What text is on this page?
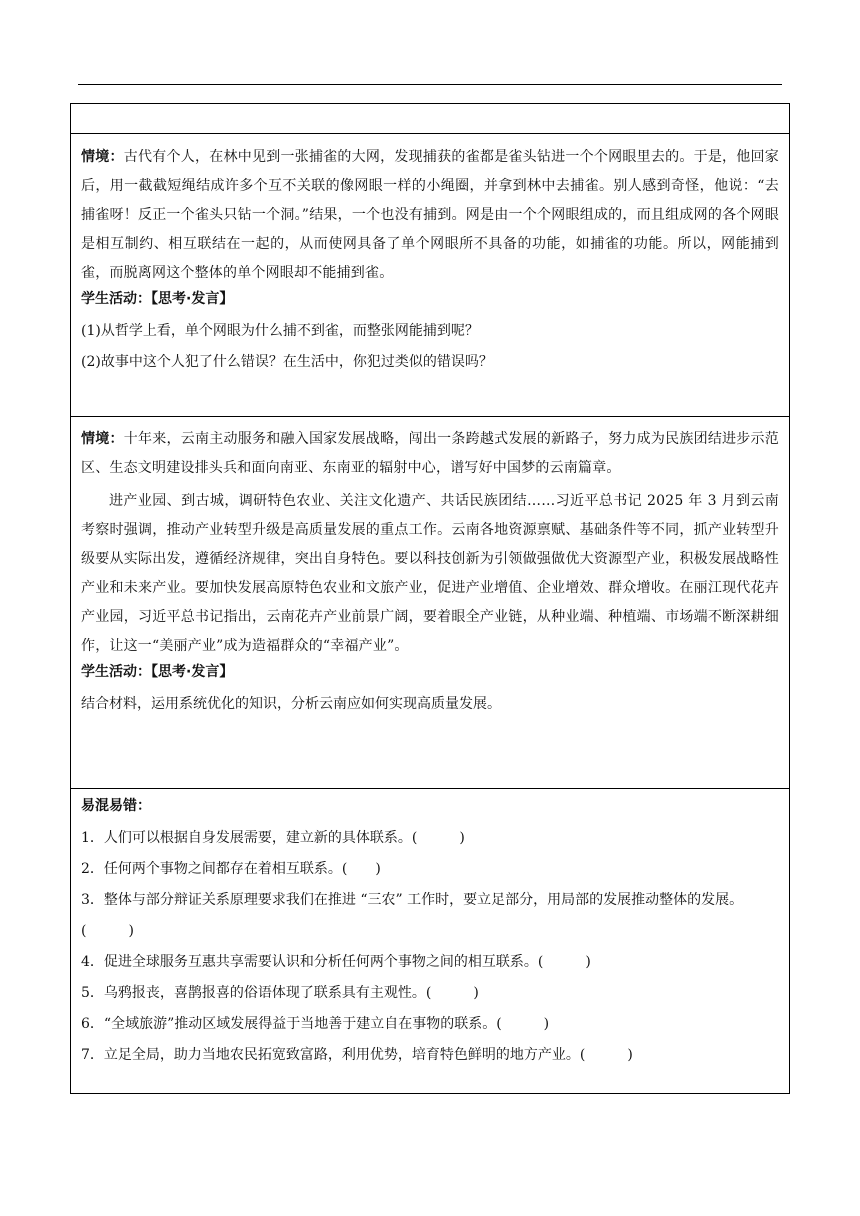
情境：古代有个人，在林中见到一张捕雀的大网，发现捕获的雀都是雀头钻进一个个网眼里去的。于是，他回家后，用一截截短绳结成许多个互不关联的像网眼一样的小绳圈，并拿到林中去捕雀。别人感到奇怪，他说：“去捕雀呀！反正一个雀头只钻一个洞。”结果，一个也没有捕到。网是由一个个网眼组成的，而且组成网的各个网眼是相互制约、相互联结在一起的，从而使网具备了单个网眼所不具备的功能，如捕雀的功能。所以，网能捕到雀，而脱离网这个整体的单个网眼却不能捕到雀。

学生活动：【思考·发言】

(1)从哲学上看，单个网眼为什么捕不到雀，而整张网能捕到呢？

(2)故事中这个人犯了什么错误？在生活中，你犯过类似的错误吗？

情境：十年来，云南主动服务和融入国家发展战略，闯出一条跨越式发展的新路子，努力成为民族团结进步示范区、生态文明建设排头兵和面向南亚、东南亚的辐射中心，谱写好中国梦的云南篇章。

进产业园、到古城，调研特色农业、关注文化遗产、共话民族团结……习近平总书记 2025 年 3 月到云南考察时强调，推动产业转型升级是高质量发展的重点工作。云南各地资源禀赋、基础条件等不同，抓产业转型升级要从实际出发，遵循经济规律，突出自身特色。要以科技创新为引领做强做优大资源型产业，积极发展战略性产业和未来产业。要加快发展高原特色农业和文旅产业，促进产业增值、企业增效、群众增收。在丽江现代花卉产业园，习近平总书记指出，云南花卉产业前景广阔，要着眼全产业链，从种业端、种植端、市场端不断深耕细作，让这一“美丽产业”成为造福群众的“幸福产业”。

学生活动：【思考·发言】

结合材料，运用系统优化的知识，分析云南应如何实现高质量发展。

易混易错：

1．人们可以根据自身发展需要，建立新的具体联系。(　　　)

2．任何两个事物之间都存在着相互联系。(　　)

3．整体与部分辩证关系原理要求我们在推进 “三农” 工作时，要立足部分，用局部的发展推动整体的发展。(　　　)

4．促进全球服务互惠共享需要认识和分析任何两个事物之间的相互联系。(　　　)

5．乌鸦报丧，喜鹊报喜的俗语体现了联系具有主观性。(　　　)

6．“全域旅游”推动区域发展得益于当地善于建立自在事物的联系。(　　　)

7．立足全局，助力当地农民拓宽致富路，利用优势，培育特色鲜明的地方产业。(　　　)
